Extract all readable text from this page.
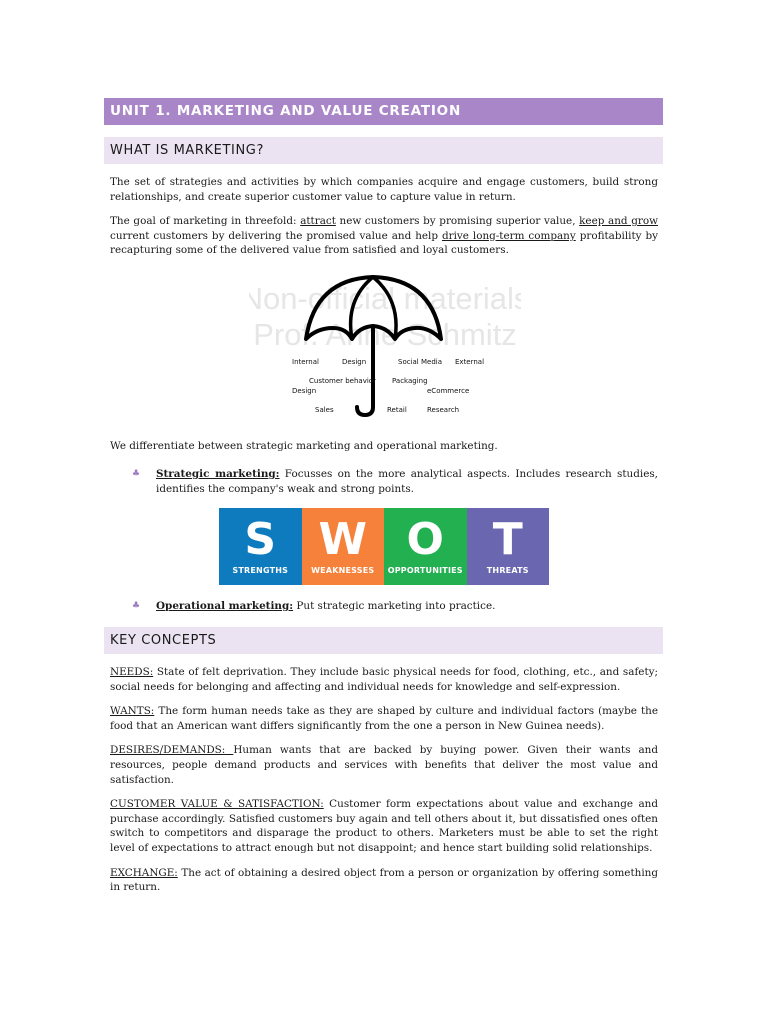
UNIT 1. MARKETING AND VALUE CREATION
WHAT IS MARKETING?

The set of strategies and activities by which companies acquire and engage customers, build strong relationships, and create superior customer value to capture value in return.

The goal of marketing in threefold: attract new customers by promising superior value, keep and grow current customers by delivering the promised value and help drive long-term company profitability by recapturing some of the delivered value from satisfied and loyal customers.

Non-official materials
Prof. Anne Schmitz
Internal	Design	Social Media External
Customer behavior Packaging
Design	eCommerce
Sales	Retail	Research

We differentiate between strategic marketing and operational marketing.

♣ Strategic marketing: Focusses on the more analytical aspects. Includes research studies, identifies the company's weak and strong points.
S
STRENGTHS
W
WEAKNESSES
O
OPPORTUNITIES
T
THREATS
♣ Operational marketing: Put strategic marketing into practice.
KEY CONCEPTS

NEEDS: State of felt deprivation. They include basic physical needs for food, clothing, etc., and safety; social needs for belonging and affecting and individual needs for knowledge and self-expression.

WANTS: The form human needs take as they are shaped by culture and individual factors (maybe the food that an American want differs significantly from the one a person in New Guinea needs).

DESIRES/DEMANDS: Human wants that are backed by buying power. Given their wants and resources, people demand products and services with benefits that deliver the most value and satisfaction.

CUSTOMER VALUE & SATISFACTION: Customer form expectations about value and exchange and purchase accordingly. Satisfied customers buy again and tell others about it, but dissatisfied ones often switch to competitors and disparage the product to others. Marketers must be able to set the right level of expectations to attract enough but not disappoint; and hence start building solid relationships.

EXCHANGE: The act of obtaining a desired object from a person or organization by offering something in return.
